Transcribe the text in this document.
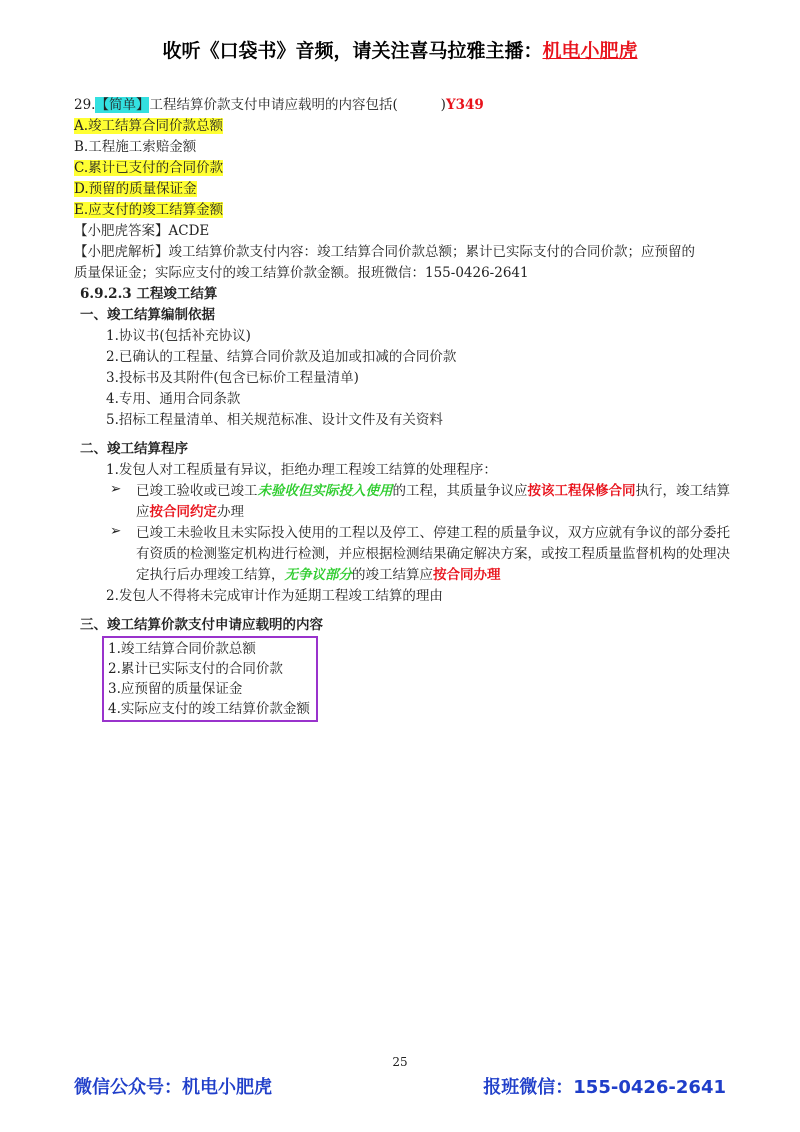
收听《口袋书》音频，请关注喜马拉雅主播：机电小肥虎
29.【简单】工程结算价款支付申请应载明的内容包括(          )Y349
A.竣工结算合同价款总额
B.工程施工索赔金额
C.累计已支付的合同价款
D.预留的质量保证金
E.应支付的竣工结算金额
【小肥虎答案】ACDE
【小肥虎解析】竣工结算价款支付内容：竣工结算合同价款总额；累计已实际支付的合同价款；应预留的
质量保证金；实际应支付的竣工结算价款金额。报班微信：155-0426-2641
6.9.2.3 工程竣工结算
一、竣工结算编制依据
1.协议书(包括补充协议)
2.已确认的工程量、结算合同价款及追加或扣减的合同价款
3.投标书及其附件(包含已标价工程量清单)
4.专用、通用合同条款
5.招标工程量清单、相关规范标准、设计文件及有关资料
二、竣工结算程序
1.发包人对工程质量有异议，拒绝办理工程竣工结算的处理程序：
➢	已竣工验收或已竣工未验收但实际投入使用的工程，其质量争议应按该工程保修合同执行，竣工结算应按合同约定办理
➢	已竣工未验收且未实际投入使用的工程以及停工、停建工程的质量争议，双方应就有争议的部分委托有资质的检测鉴定机构进行检测，并应根据检测结果确定解决方案，或按工程质量监督机构的处理决定执行后办理竣工结算，无争议部分的竣工结算应按合同办理
2.发包人不得将未完成审计作为延期工程竣工结算的理由
三、竣工结算价款支付申请应载明的内容
1.竣工结算合同价款总额
2.累计已实际支付的合同价款
3.应预留的质量保证金
4.实际应支付的竣工结算价款金额
25
微信公众号：机电小肥虎	报班微信：155-0426-2641
